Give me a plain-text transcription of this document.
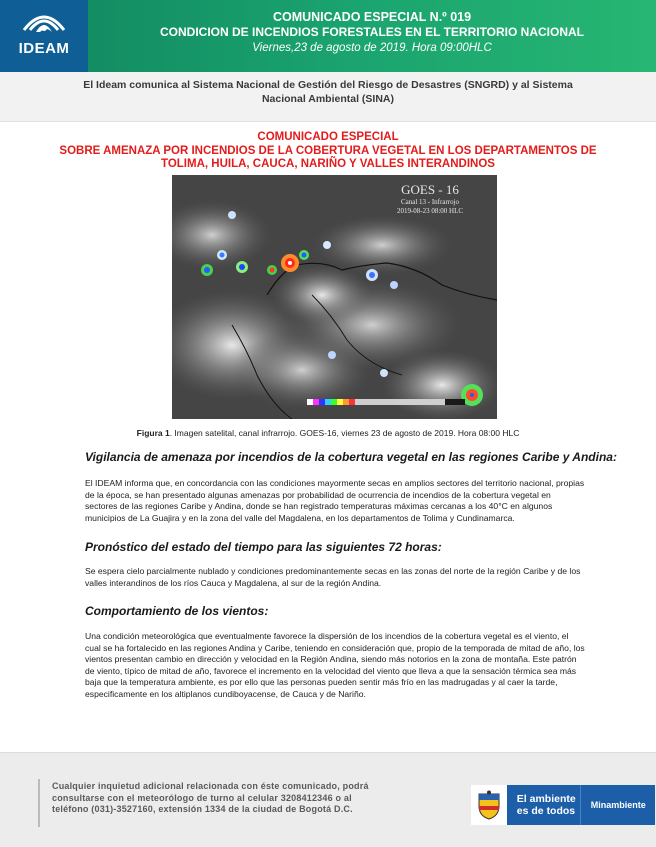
IDEAM
COMUNICADO ESPECIAL N.º 019
CONDICION DE INCENDIOS FORESTALES EN EL TERRITORIO NACIONAL
Viernes,23 de agosto de 2019. Hora 09:00HLC
El Ideam comunica al Sistema Nacional de Gestión del Riesgo de Desastres (SNGRD) y al Sistema Nacional Ambiental (SINA)
COMUNICADO ESPECIAL
SOBRE AMENAZA POR INCENDIOS DE LA COBERTURA VEGETAL EN LOS DEPARTAMENTOS DE
TOLIMA, HUILA, CAUCA, NARIÑO Y VALLES INTERANDINOS
GOES - 16
Canal 13 - Infrarrojo
2019-08-23 08:00 HLC
Figura 1. Imagen satelital, canal infrarrojo. GOES-16, viernes 23 de agosto de 2019. Hora 08:00 HLC
Vigilancia de amenaza por incendios de la cobertura vegetal en las regiones Caribe y Andina:
El IDEAM informa que, en concordancia con las condiciones mayormente secas en amplios sectores del territorio nacional, propias de la época, se han presentado algunas amenazas por probabilidad de ocurrencia de incendios de la cobertura vegetal en sectores de las regiones Caribe y Andina, donde se han registrado temperaturas máximas cercanas a los 40°C en algunos municipios de La Guajira y en la zona del valle del Magdalena, en los departamentos de Tolima y Cundinamarca.
Pronóstico del estado del tiempo para las siguientes 72 horas:
Se espera cielo parcialmente nublado y condiciones predominantemente secas en las zonas del norte de la región Caribe y de los valles interandinos de los ríos Cauca y Magdalena, al sur de la región Andina.
Comportamiento de los vientos:
Una condición meteorológica que eventualmente favorece la dispersión de los incendios de la cobertura vegetal es el viento, el cual se ha fortalecido en las regiones Andina y Caribe, teniendo en consideración que, propio de la temporada de mitad de año, los vientos presentan cambio en dirección y velocidad en la Región Andina, siendo más notorios en la zona de montaña. Este patrón de viento, típico de mitad de año, favorece el incremento en la velocidad del viento que lleva a que la sensación térmica sea más baja que la temperatura ambiente, es por ello que las personas pueden sentir más frío en las madrugadas y al caer la tarde, especificamente en los altiplanos cundiboyacense, de Cauca y de Nariño.
Cualquier inquietud adicional relacionada con éste comunicado, podrá consultarse con el meteorólogo de turno al celular 3208412346 o al teléfono (031)-3527160, extensión 1334 de la ciudad de Bogotá D.C.
El ambiente
es de todos	Minambiente
